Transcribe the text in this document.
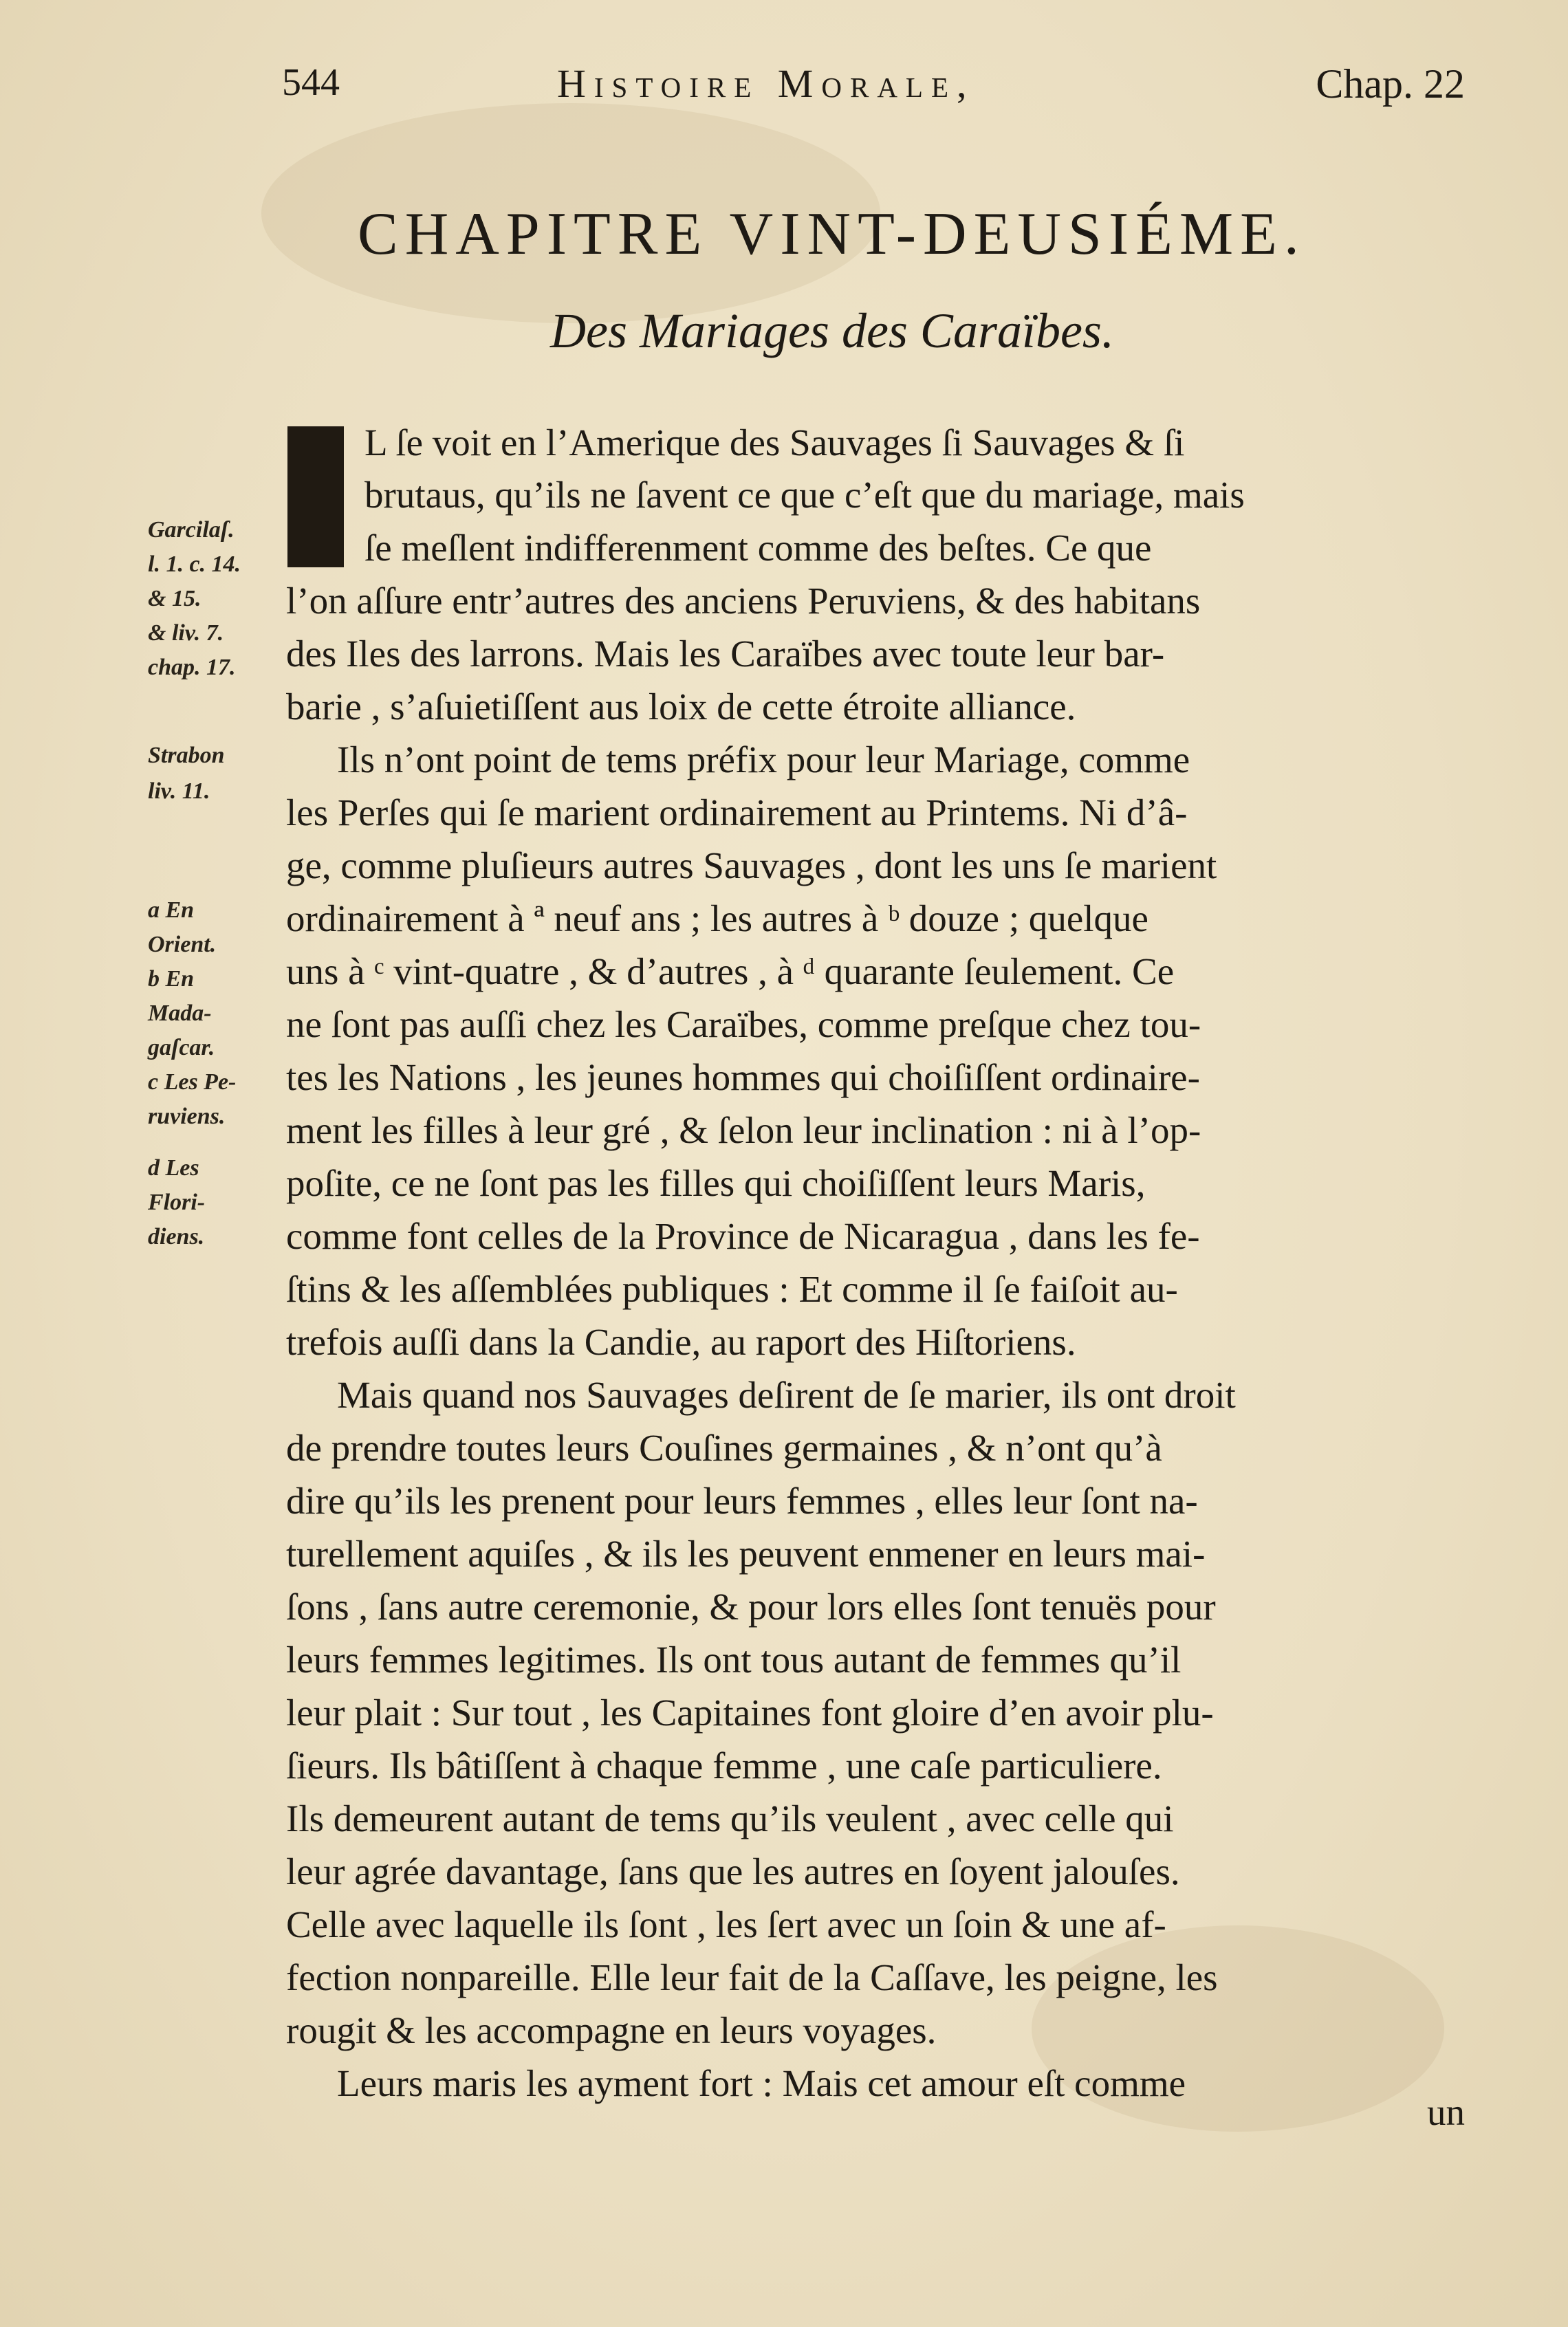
544	Histoire Morale,	Chap. 22
CHAPITRE VINT-DEUSIÉME.
Des Mariages des Caraïbes.
L ſe voit en l’Amerique des Sauvages ſi Sauvages & ſi
brutaus, qu’ils ne ſavent ce que c’eſt que du mariage, mais
ſe meſlent indifferenment comme des beſtes. Ce que
l’on aſſure entr’autres des anciens Peruviens, & des habitans
des Iles des larrons. Mais les Caraïbes avec toute leur bar-
barie , s’aſuietiſſent aus loix de cette étroite alliance.
Ils n’ont point de tems préfix pour leur Mariage, comme
les Perſes qui ſe marient ordinairement au Printems. Ni d’â-
ge, comme pluſieurs autres Sauvages , dont les uns ſe marient
ordinairement à ª neuf ans ; les autres à ᵇ douze ; quelque
uns à ᶜ vint-quatre , & d’autres , à ᵈ quarante ſeulement. Ce
ne ſont pas auſſi chez les Caraïbes, comme preſque chez tou-
tes les Nations , les jeunes hommes qui choiſiſſent ordinaire-
ment les filles à leur gré , & ſelon leur inclination : ni à l’op-
poſite, ce ne ſont pas les filles qui choiſiſſent leurs Maris,
comme font celles de la Province de Nicaragua , dans les fe-
ſtins & les aſſemblées publiques : Et comme il ſe faiſoit au-
trefois auſſi dans la Candie, au raport des Hiſtoriens.
Mais quand nos Sauvages deſirent de ſe marier, ils ont droit
de prendre toutes leurs Couſines germaines , & n’ont qu’à
dire qu’ils les prenent pour leurs femmes , elles leur ſont na-
turellement aquiſes , & ils les peuvent enmener en leurs mai-
ſons , ſans autre ceremonie, & pour lors elles ſont tenuës pour
leurs femmes legitimes. Ils ont tous autant de femmes qu’il
leur plait : Sur tout , les Capitaines font gloire d’en avoir plu-
ſieurs. Ils bâtiſſent à chaque femme , une caſe particuliere.
Ils demeurent autant de tems qu’ils veulent , avec celle qui
leur agrée davantage, ſans que les autres en ſoyent jalouſes.
Celle avec laquelle ils ſont , les ſert avec un ſoin & une af-
fection nonpareille. Elle leur fait de la Caſſave, les peigne, les
rougit & les accompagne en leurs voyages.
Leurs maris les ayment fort : Mais cet amour eſt comme
un
Garcilaſ.
l. 1. c. 14.
& 15.
& liv. 7.
chap. 17.
Strabon
liv. 11.
a En
Orient.
b En
Mada-
gaſcar.
c Les Pe-
ruviens.
d Les
Flori-
diens.
